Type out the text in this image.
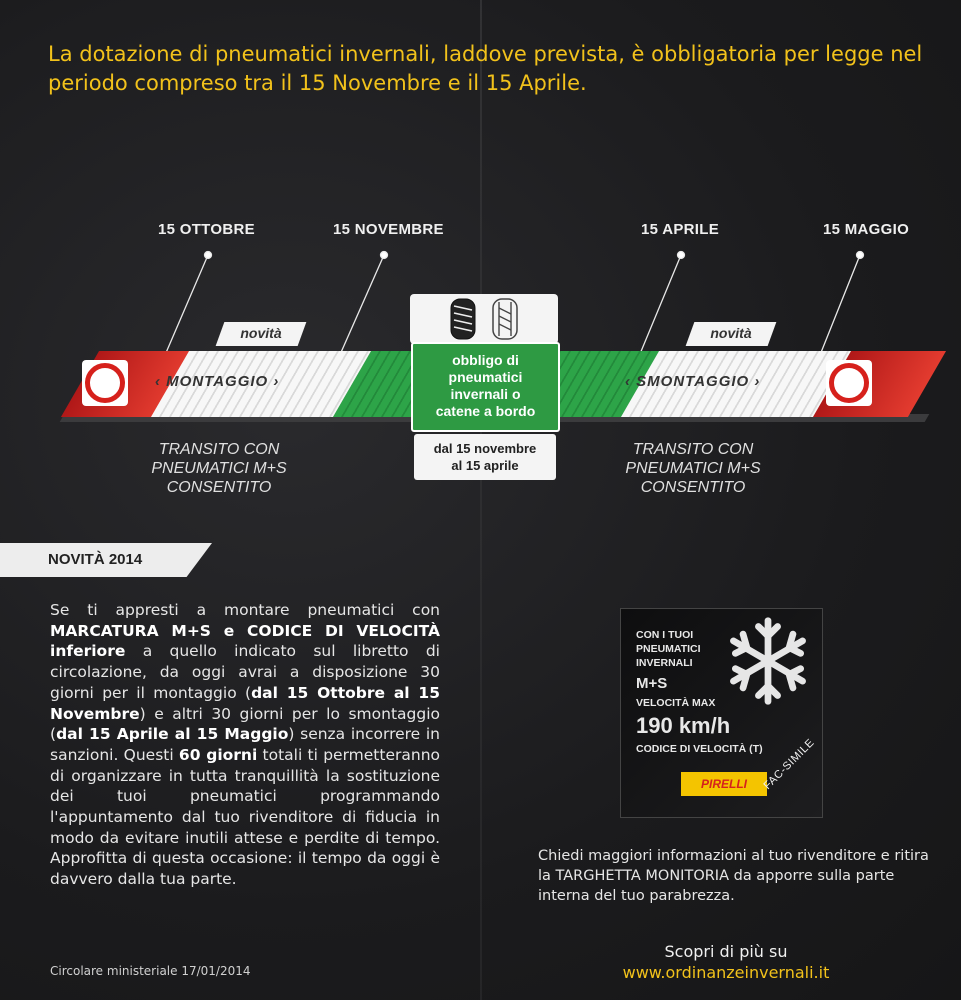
La dotazione di pneumatici invernali, laddove prevista, è obbligatoria per legge nel periodo compreso tra il 15 Novembre e il 15 Aprile.
15 OTTOBRE	15 NOVEMBRE	15 APRILE	15 MAGGIO
‹ MONTAGGIO ›	‹ SMONTAGGIO ›
novità	novità
obbligo di
pneumatici
invernali o
catene a bordo
dal 15 novembre
al 15 aprile
TRANSITO CON
PNEUMATICI M+S
CONSENTITO
TRANSITO CON
PNEUMATICI M+S
CONSENTITO
NOVITÀ 2014
Se ti appresti a montare pneumatici con MARCATURA M+S e CODICE DI VELOCITÀ inferiore a quello indicato sul libretto di circolazione, da oggi avrai a disposizione 30 giorni per il montaggio (dal 15 Ottobre al 15 Novembre) e altri 30 giorni per lo smontaggio (dal 15 Aprile al 15 Maggio) senza incorrere in sanzioni. Questi 60 giorni totali ti permetteranno di organizzare in tutta tranquillità la sostituzione dei tuoi pneumatici programmando l'appuntamento dal tuo rivenditore di fiducia in modo da evitare inutili attese e perdite di tempo. Approfitta di questa occasione: il tempo da oggi è davvero dalla tua parte.
Circolare ministeriale 17/01/2014
CON I TUOI
PNEUMATICI
INVERNALI
M+S
VELOCITÀ MAX
190 km/h
CODICE DI VELOCITÀ (T)
PIRELLI	FAC-SIMILE
Chiedi maggiori informazioni al tuo rivenditore e ritira la TARGHETTA MONITORIA da apporre sulla parte interna del tuo parabrezza.
Scopri di più su
www.ordinanzeinvernali.it
